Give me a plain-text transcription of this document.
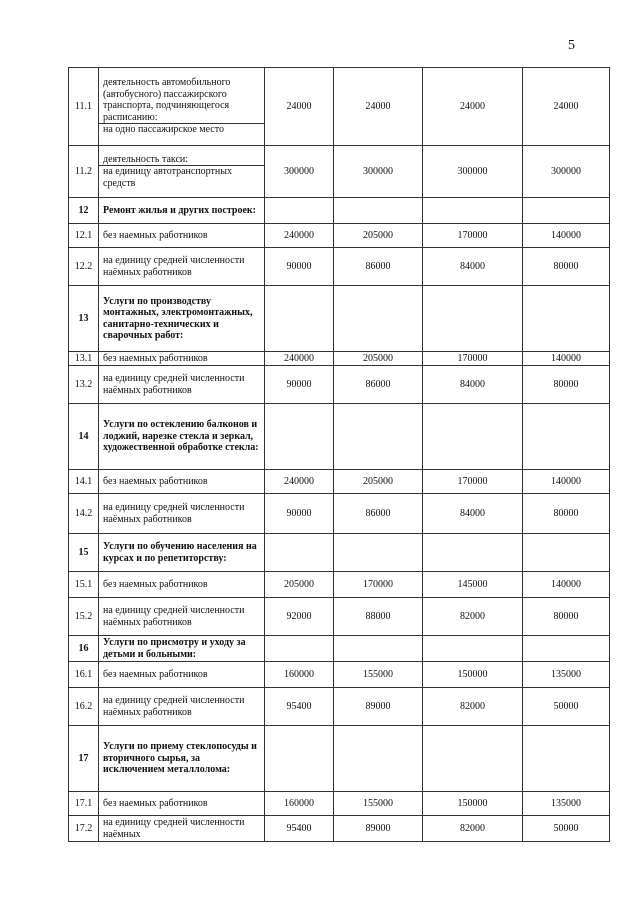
5
11.1	деятельность автомобильного (автобусного) пассажирского транспорта, подчиняющегося расписанию:
на одно пассажирское место	24000	24000	24000	24000
11.2	деятельность такси:
на единицу автотранспортных средств	300000	300000	300000	300000
12	Ремонт жилья и других построек:				

12.1	без наемных работников	240000	205000	170000	140000
12.2	на единицу средней численности наёмных работников	90000	86000	84000	80000
13	Услуги по производству монтажных, электромонтажных, санитарно-технических и сварочных работ:				

13.1	без наемных работников	240000	205000	170000	140000
13.2	на единицу средней численности наёмных работников	90000	86000	84000	80000
14	Услуги по остеклению балконов и лоджий, нарезке стекла и зеркал, художественной обработке стекла:				

14.1	без наемных работников	240000	205000	170000	140000
14.2	на единицу средней численности наёмных работников	90000	86000	84000	80000
15	Услуги по обучению населения на курсах и по репетиторству:				

15.1	без наемных работников	205000	170000	145000	140000
15.2	на единицу средней численности наёмных работников	92000	88000	82000	80000
16	Услуги по присмотру и уходу за детьми и больными:				

16.1	без наемных работников	160000	155000	150000	135000
16.2	на единицу средней численности наёмных работников	95400	89000	82000	50000
17	Услуги по приему стеклопосуды и вторичного сырья, за исключением металлолома:				

17.1	без наемных работников	160000	155000	150000	135000
17.2	на единицу средней численности наёмных	95400	89000	82000	50000
